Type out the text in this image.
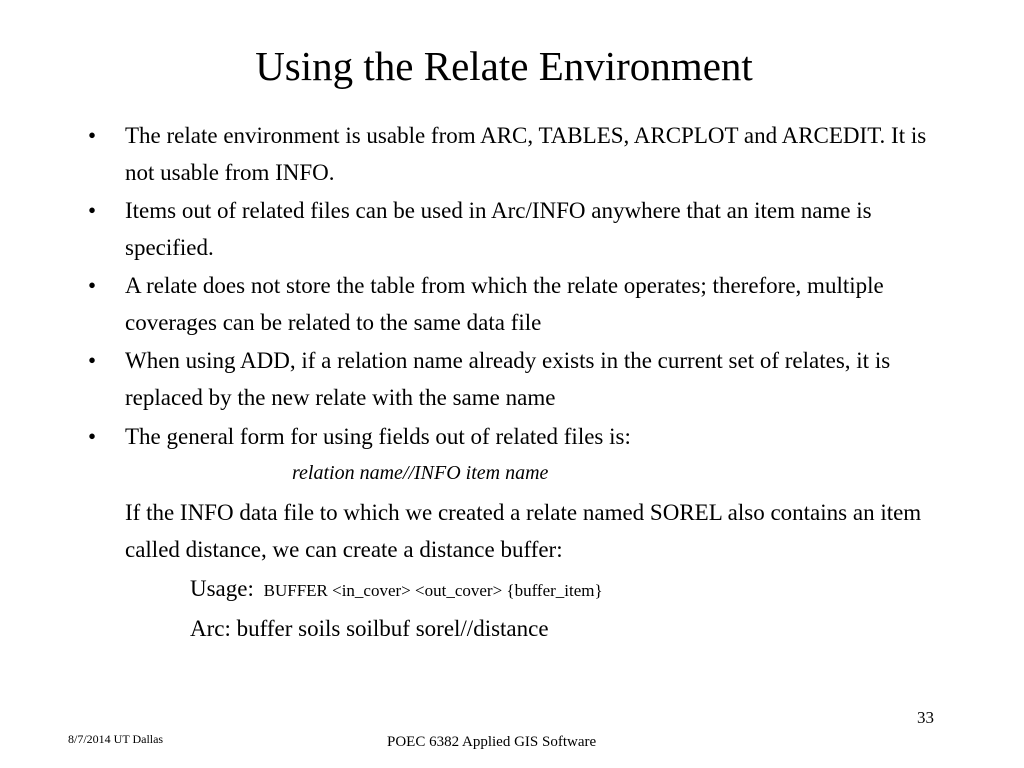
Using the Relate Environment
• The relate environment is usable from ARC, TABLES, ARCPLOT and ARCEDIT. It is not usable from INFO.
• Items out of related files can be used in Arc/INFO anywhere that an item name is specified.
• A relate does not store the table from which the relate operates; therefore, multiple coverages can be related to the same data file
• When using ADD, if a relation name already exists in the current set of relates, it is replaced by the new relate with the same name
• The general form for using fields out of related files is:
relation name//INFO item name
If the INFO data file to which we created a relate named SOREL also contains an item called distance, we can create a distance buffer:
Usage: BUFFER <in_cover> <out_cover> {buffer_item}
Arc: buffer soils soilbuf sorel//distance
8/7/2014 UT Dallas	POEC 6382 Applied GIS Software
33
